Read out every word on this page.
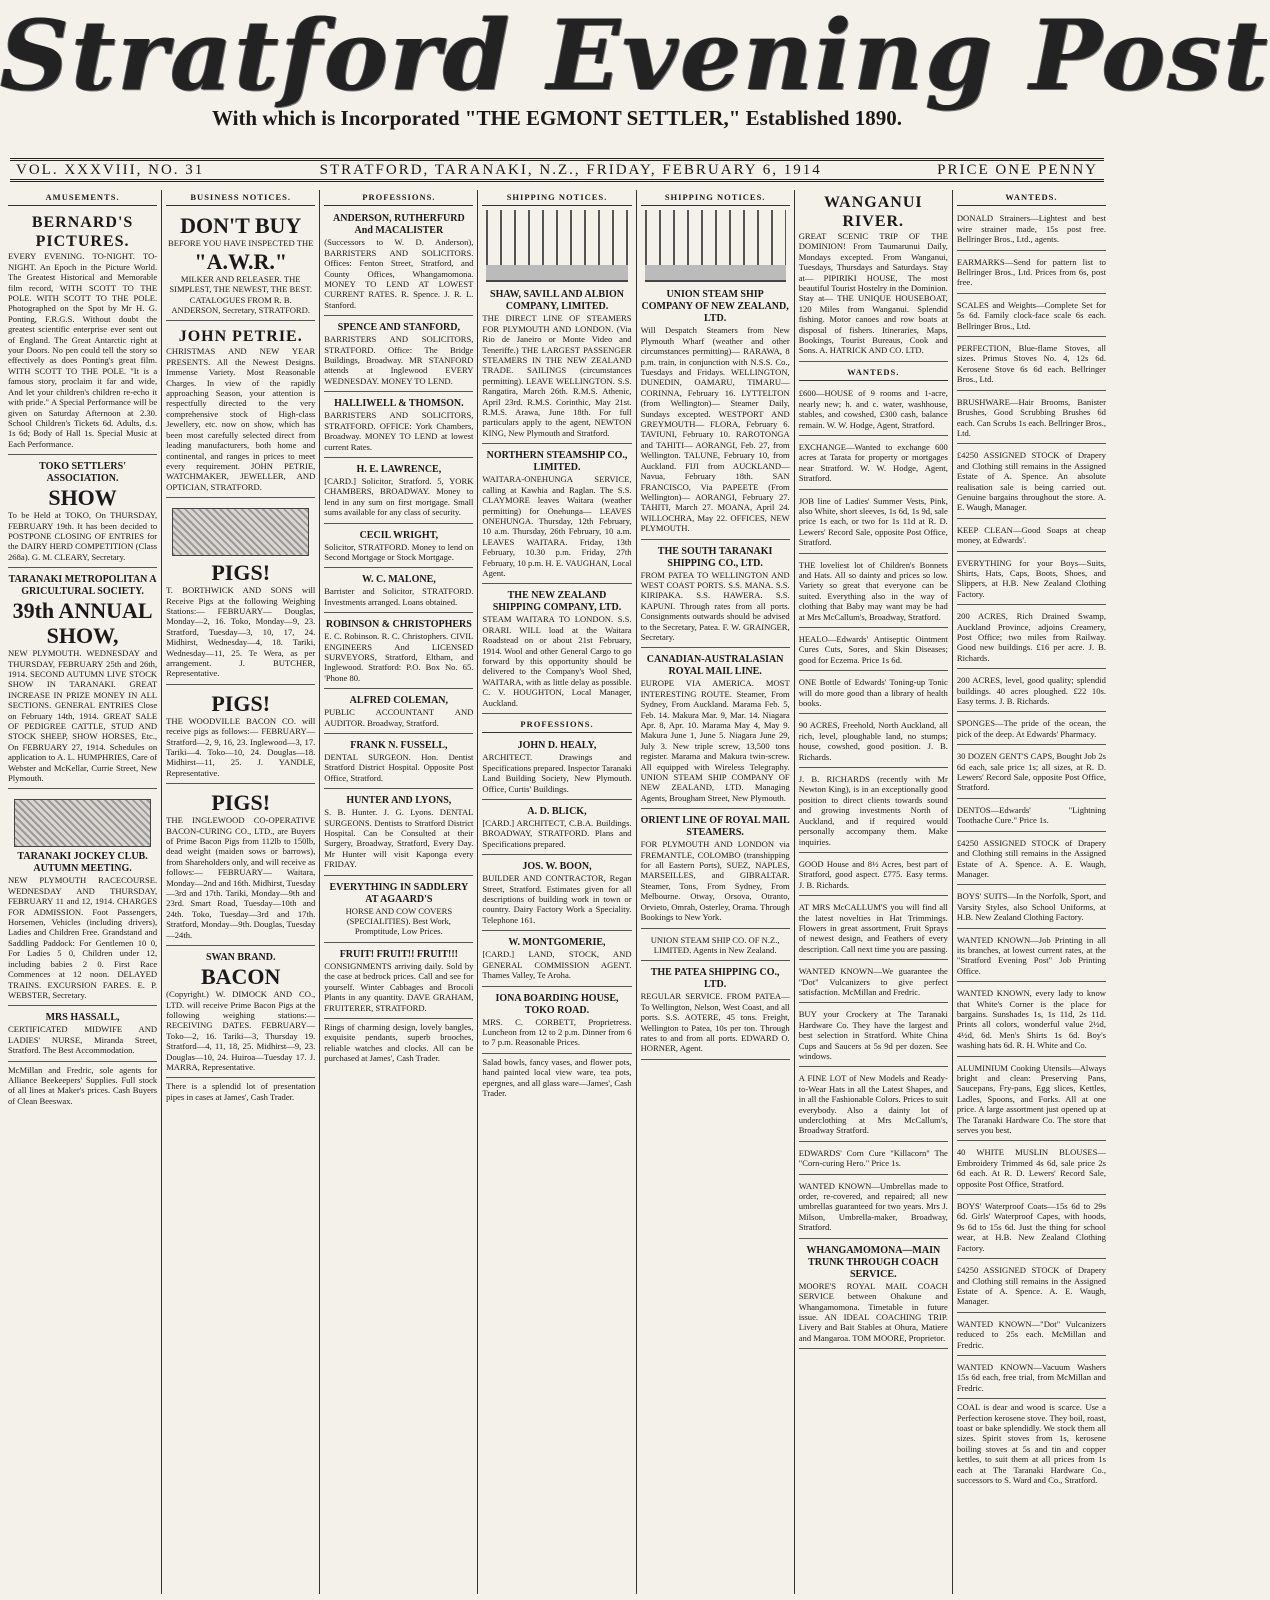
Stratford Evening Post
With which is Incorporated "THE EGMONT SETTLER," Established 1890.
VOL. XXXVIII, NO. 31	STRATFORD, TARANAKI, N.Z., FRIDAY, FEBRUARY 6, 1914	PRICE ONE PENNY
AMUSEMENTS.
BERNARD'S PICTURES.
EVERY EVENING. TO-NIGHT. TO-NIGHT. An Epoch in the Picture World. The Greatest Historical and Memorable film record, WITH SCOTT TO THE POLE. WITH SCOTT TO THE POLE. Photographed on the Spot by Mr H. G. Ponting, F.R.G.S. Without doubt the greatest scientific enterprise ever sent out of England. The Great Antarctic right at your Doors. No pen could tell the story so effectively as does Ponting's great film. WITH SCOTT TO THE POLE. "It is a famous story, proclaim it far and wide, And let your children's children re-echo it with pride." A Special Performance will be given on Saturday Afternoon at 2.30. School Children's Tickets 6d. Adults, d.s. 1s 6d; Body of Hall 1s. Special Music at Each Performance.
TOKO SETTLERS' ASSOCIATION.
SHOW
To be Held at TOKO, On THURSDAY, FEBRUARY 19th. It has been decided to POSTPONE CLOSING OF ENTRIES for the DAIRY HERD COMPETITION (Class 268a). G. M. CLEARY, Secretary.
TARANAKI METROPOLITAN A GRICULTURAL SOCIETY.
39th ANNUAL SHOW,
NEW PLYMOUTH. WEDNESDAY and THURSDAY, FEBRUARY 25th and 26th, 1914. SECOND AUTUMN LIVE STOCK SHOW IN TARANAKI. GREAT INCREASE IN PRIZE MONEY IN ALL SECTIONS. GENERAL ENTRIES Close on February 14th, 1914. GREAT SALE OF PEDIGREE CATTLE, STUD AND STOCK SHEEP, SHOW HORSES, Etc., On FEBRUARY 27, 1914. Schedules on application to A. L. HUMPHRIES, Care of Webster and McKellar, Currie Street, New Plymouth.
TARANAKI JOCKEY CLUB. AUTUMN MEETING.
NEW PLYMOUTH RACECOURSE. WEDNESDAY AND THURSDAY, FEBRUARY 11 and 12, 1914. CHARGES FOR ADMISSION. Foot Passengers, Horsemen, Vehicles (including drivers), Ladies and Children Free. Grandstand and Saddling Paddock: For Gentlemen 10 0, For Ladies 5 0, Children under 12, including babies 2 0. First Race Commences at 12 noon. DELAYED TRAINS. EXCURSION FARES. E. P. WEBSTER, Secretary.
MRS HASSALL,
CERTIFICATED MIDWIFE AND LADIES' NURSE, Miranda Street, Stratford. The Best Accommodation.
McMillan and Fredric, sole agents for Alliance Beekeepers' Supplies. Full stock of all lines at Maker's prices. Cash Buyers of Clean Beeswax.
BUSINESS NOTICES.
DON'T BUY
BEFORE YOU HAVE INSPECTED THE
"A.W.R."
MILKER AND RELEASER. THE SIMPLEST, THE NEWEST, THE BEST. CATALOGUES FROM R. B. ANDERSON, Secretary, STRATFORD.
JOHN PETRIE.
CHRISTMAS AND NEW YEAR PRESENTS. All the Newest Designs. Immense Variety. Most Reasonable Charges. In view of the rapidly approaching Season, your attention is respectfully directed to the very comprehensive stock of High-class Jewellery, etc. now on show, which has been most carefully selected direct from leading manufacturers, both home and continental, and ranges in prices to meet every requirement. JOHN PETRIE, WATCHMAKER, JEWELLER, AND OPTICIAN, STRATFORD.
PIGS!
T. BORTHWICK AND SONS will Receive Pigs at the following Weighing Stations:— FEBRUARY— Douglas, Monday—2, 16. Toko, Monday—9, 23. Stratford, Tuesday—3, 10, 17, 24. Midhirst, Wednesday—4, 18. Tariki, Wednesday—11, 25. Te Wera, as per arrangement. J. BUTCHER, Representative.
PIGS!
THE WOODVILLE BACON CO. will receive pigs as follows:— FEBRUARY— Stratford—2, 9, 16, 23. Inglewood—3, 17. Tariki—4. Toko—10, 24. Douglas—18. Midhirst—11, 25. J. YANDLE, Representative.
PIGS!
THE INGLEWOOD CO-OPERATIVE BACON-CURING CO., LTD., are Buyers of Prime Bacon Pigs from 112lb to 150lb, dead weight (maiden sows or barrows), from Shareholders only, and will receive as follows:— FEBRUARY— Waitara, Monday—2nd and 16th. Midhirst, Tuesday—3rd and 17th. Tariki, Monday—9th and 23rd. Smart Road, Tuesday—10th and 24th. Toko, Tuesday—3rd and 17th. Stratford, Monday—9th. Douglas, Tuesday—24th.
SWAN BRAND.
BACON
(Copyright.) W. DIMOCK AND CO., LTD. will receive Prime Bacon Pigs at the following weighing stations:— RECEIVING DATES. FEBRUARY— Toko—2, 16. Tariki—3, Thursday 19. Stratford—4, 11, 18, 25. Midhirst—9, 23. Douglas—10, 24. Huiroa—Tuesday 17. J. MARRA, Representative.
There is a splendid lot of presentation pipes in cases at James', Cash Trader.
PROFESSIONS.
ANDERSON, RUTHERFURD And MACALISTER
(Successors to W. D. Anderson), BARRISTERS AND SOLICITORS. Offices: Fenton Street, Stratford, and County Offices, Whangamomona. MONEY TO LEND AT LOWEST CURRENT RATES. R. Spence. J. R. L. Stanford.
SPENCE AND STANFORD,
BARRISTERS AND SOLICITORS, STRATFORD. Office: The Bridge Buildings, Broadway. MR STANFORD attends at Inglewood EVERY WEDNESDAY. MONEY TO LEND.
HALLIWELL & THOMSON.
BARRISTERS AND SOLICITORS, STRATFORD. OFFICE: York Chambers, Broadway. MONEY TO LEND at lowest current Rates.
H. E. LAWRENCE,
[CARD.] Solicitor, Stratford. 5, YORK CHAMBERS, BROADWAY. Money to lend in any sum on first mortgage. Small sums available for any class of security.
CECIL WRIGHT,
Solicitor, STRATFORD. Money to lend on Second Mortgage or Stock Mortgage.
W. C. MALONE,
Barrister and Solicitor, STRATFORD. Investments arranged. Loans obtained.
ROBINSON & CHRISTOPHERS
E. C. Robinson. R. C. Christophers. CIVIL ENGINEERS And LICENSED SURVEYORS, Stratford, Eltham, and Inglewood. Stratford: P.O. Box No. 65. 'Phone 80.
ALFRED COLEMAN,
PUBLIC ACCOUNTANT AND AUDITOR. Broadway, Stratford.
FRANK N. FUSSELL,
DENTAL SURGEON. Hon. Dentist Stratford District Hospital. Opposite Post Office, Stratford.
HUNTER AND LYONS,
S. B. Hunter. J. G. Lyons. DENTAL SURGEONS. Dentists to Stratford District Hospital. Can be Consulted at their Surgery, Broadway, Stratford, Every Day. Mr Hunter will visit Kaponga every FRIDAY.
EVERYTHING IN SADDLERY AT AGAARD'S
HORSE AND COW COVERS (SPECIALITIES). Best Work, Promptitude, Low Prices.
FRUIT! FRUIT!! FRUIT!!!
CONSIGNMENTS arriving daily. Sold by the case at bedrock prices. Call and see for yourself. Winter Cabbages and Brocoli Plants in any quantity. DAVE GRAHAM, FRUITERER, STRATFORD.
Rings of charming design, lovely bangles, exquisite pendants, superb brooches, reliable watches and clocks. All can be purchased at James', Cash Trader.
SHIPPING NOTICES.
SHAW, SAVILL AND ALBION COMPANY, LIMITED.
THE DIRECT LINE OF STEAMERS FOR PLYMOUTH AND LONDON. (Via Rio de Janeiro or Monte Video and Teneriffe.) THE LARGEST PASSENGER STEAMERS IN THE NEW ZEALAND TRADE. SAILINGS (circumstances permitting). LEAVE WELLINGTON. S.S. Rangatira, March 26th. R.M.S. Athenic, April 23rd. R.M.S. Corinthic, May 21st. R.M.S. Arawa, June 18th. For full particulars apply to the agent, NEWTON KING, New Plymouth and Stratford.
NORTHERN STEAMSHIP CO., LIMITED.
WAITARA-ONEHUNGA SERVICE, calling at Kawhia and Raglan. The S.S. CLAYMORE leaves Waitara (weather permitting) for Onehunga— LEAVES ONEHUNGA. Thursday, 12th February, 10 a.m. Thursday, 26th February, 10 a.m. LEAVES WAITARA. Friday, 13th February, 10.30 p.m. Friday, 27th February, 10 p.m. H. E. VAUGHAN, Local Agent.
THE NEW ZEALAND SHIPPING COMPANY, LTD.
STEAM WAITARA TO LONDON. S.S. ORARI. WILL load at the Waitara Roadstead on or about 21st February, 1914. Wool and other General Cargo to go forward by this opportunity should be delivered to the Company's Wool Shed, WAITARA, with as little delay as possible. C. V. HOUGHTON, Local Manager, Auckland.
PROFESSIONS.
JOHN D. HEALY,
ARCHITECT. Drawings and Specifications prepared. Inspector Taranaki Land Building Society, New Plymouth. Office, Curtis' Buildings.
A. D. BLICK,
[CARD.] ARCHITECT, C.B.A. Buildings. BROADWAY, STRATFORD. Plans and Specifications prepared.
JOS. W. BOON,
BUILDER AND CONTRACTOR, Regan Street, Stratford. Estimates given for all descriptions of building work in town or country. Dairy Factory Work a Speciality. Telephone 161.
W. MONTGOMERIE,
[CARD.] LAND, STOCK, AND GENERAL COMMISSION AGENT. Thames Valley, Te Aroha.
IONA BOARDING HOUSE, TOKO ROAD.
MRS. C. CORBETT, Proprietress. Luncheon from 12 to 2 p.m. Dinner from 6 to 7 p.m. Reasonable Prices.
Salad bowls, fancy vases, and flower pots, hand painted local view ware, tea pots, epergnes, and all glass ware—James', Cash Trader.
SHIPPING NOTICES.
UNION STEAM SHIP COMPANY OF NEW ZEALAND, LTD.
Will Despatch Steamers from New Plymouth Wharf (weather and other circumstances permitting)— RARAWA, 8 p.m. train, in conjunction with N.S.S. Co., Tuesdays and Fridays. WELLINGTON, DUNEDIN, OAMARU, TIMARU— CORINNA, February 16. LYTTELTON (from Wellington)— Steamer Daily, Sundays excepted. WESTPORT AND GREYMOUTH— FLORA, February 6. TAVIUNI, February 10. RAROTONGA and TAHITI— AORANGI, Feb. 27, from Wellington. TALUNE, February 10, from Auckland. FIJI from AUCKLAND— Navua, February 18th. SAN FRANCISCO, Via PAPEETE (From Wellington)— AORANGI, February 27. TAHITI, March 27. MOANA, April 24. WILLOCHRA, May 22. OFFICES, NEW PLYMOUTH.
THE SOUTH TARANAKI SHIPPING CO., LTD.
FROM PATEA TO WELLINGTON AND WEST COAST PORTS. S.S. MANA. S.S. KIRIPAKA. S.S. HAWERA. S.S. KAPUNI. Through rates from all ports. Consignments outwards should be advised to the Secretary, Patea. F. W. GRAINGER, Secretary.
CANADIAN-AUSTRALASIAN ROYAL MAIL LINE.
EUROPE VIA AMERICA. MOST INTERESTING ROUTE. Steamer, From Sydney, From Auckland. Marama Feb. 5, Feb. 14. Makura Mar. 9, Mar. 14. Niagara Apr. 8, Apr. 10. Marama May 4, May 9. Makura June 1, June 5. Niagara June 29, July 3. New triple screw, 13,500 tons register. Marama and Makura twin-screw. All equipped with Wireless Telegraphy. UNION STEAM SHIP COMPANY OF NEW ZEALAND, LTD. Managing Agents, Brougham Street, New Plymouth.
ORIENT LINE OF ROYAL MAIL STEAMERS.
FOR PLYMOUTH AND LONDON via FREMANTLE, COLOMBO (transhipping for all Eastern Ports), SUEZ, NAPLES, MARSEILLES, and GIBRALTAR. Steamer, Tons, From Sydney, From Melbourne. Otway, Orsova, Otranto, Orvieto, Omrah, Osterley, Orama. Through Bookings to New York.
UNION STEAM SHIP CO. OF N.Z., LIMITED. Agents in New Zealand.
THE PATEA SHIPPING CO., LTD.
REGULAR SERVICE. FROM PATEA— To Wellington, Nelson, West Coast, and all ports. S.S. AOTERE, 45 tons. Freight, Wellington to Patea, 10s per ton. Through rates to and from all ports. EDWARD O. HORNER, Agent.
WANGANUI RIVER.
GREAT SCENIC TRIP OF THE DOMINION! From Taumarunui Daily, Mondays excepted. From Wanganui, Tuesdays, Thursdays and Saturdays. Stay at— PIPIRIKI HOUSE, The most beautiful Tourist Hostelry in the Dominion. Stay at— THE UNIQUE HOUSEBOAT, 120 Miles from Wanganui. Splendid fishing. Motor canoes and row boats at disposal of fishers. Itineraries, Maps, Bookings, Tourist Bureaus, Cook and Sons. A. HATRICK AND CO. LTD.
WANTEDS.
£600—HOUSE of 9 rooms and 1-acre, nearly new; h. and c. water, washhouse, stables, and cowshed, £300 cash, balance remain. W. W. Hodge, Agent, Stratford.
EXCHANGE—Wanted to exchange 600 acres at Tarata for property or mortgages near Stratford. W. W. Hodge, Agent, Stratford.
JOB line of Ladies' Summer Vests, Pink, also White, short sleeves, 1s 6d, 1s 9d, sale price 1s each, or two for 1s 11d at R. D. Lewers' Record Sale, opposite Post Office, Stratford.
THE loveliest lot of Children's Bonnets and Hats. All so dainty and prices so low. Variety so great that everyone can be suited. Everything also in the way of clothing that Baby may want may be had at Mrs McCallum's, Broadway, Stratford.
HEALO—Edwards' Antiseptic Ointment Cures Cuts, Sores, and Skin Diseases; good for Eczema. Price 1s 6d.
ONE Bottle of Edwards' Toning-up Tonic will do more good than a library of health books.
90 ACRES, Freehold, North Auckland, all rich, level, ploughable land, no stumps; house, cowshed, good position. J. B. Richards.
J. B. RICHARDS (recently with Mr Newton King), is in an exceptionally good position to direct clients towards sound and growing investments North of Auckland, and if required would personally accompany them. Make inquiries.
GOOD House and 8½ Acres, best part of Stratford, good aspect. £775. Easy terms. J. B. Richards.
AT MRS McCALLUM'S you will find all the latest novelties in Hat Trimmings. Flowers in great assortment, Fruit Sprays of newest design, and Feathers of every description. Call next time you are passing.
WANTED KNOWN—We guarantee the "Dot" Vulcanizers to give perfect satisfaction. McMillan and Fredric.
BUY your Crockery at The Taranaki Hardware Co. They have the largest and best selection in Stratford. White China Cups and Saucers at 5s 9d per dozen. See windows.
A FINE LOT of New Models and Ready-to-Wear Hats in all the Latest Shapes, and in all the Fashionable Colors. Prices to suit everybody. Also a dainty lot of underclothing at Mrs McCallum's, Broadway Stratford.
EDWARDS' Corn Cure "Killacorn" The "Corn-curing Hero." Price 1s.
WANTED KNOWN—Umbrellas made to order, re-covered, and repaired; all new umbrellas guaranteed for two years. Mrs J. Milson, Umbrella-maker, Broadway, Stratford.
WHANGAMOMONA—MAIN TRUNK THROUGH COACH SERVICE.
MOORE'S ROYAL MAIL COACH SERVICE between Ohakune and Whangamomona. Timetable in future issue. AN IDEAL COACHING TRIP. Livery and Bait Stables at Ohura, Matiere and Mangaroa. TOM MOORE, Proprietor.
WANTEDS.
DONALD Strainers—Lightest and best wire strainer made, 15s post free. Bellringer Bros., Ltd., agents.
EARMARKS—Send for pattern list to Bellringer Bros., Ltd. Prices from 6s, post free.
SCALES and Weights—Complete Set for 5s 6d. Family clock-face scale 6s each. Bellringer Bros., Ltd.
PERFECTION, Blue-flame Stoves, all sizes. Primus Stoves No. 4, 12s 6d. Kerosene Stove 6s 6d each. Bellringer Bros., Ltd.
BRUSHWARE—Hair Brooms, Banister Brushes, Good Scrubbing Brushes 6d each. Can Scrubs 1s each. Bellringer Bros., Ltd.
£4250 ASSIGNED STOCK of Drapery and Clothing still remains in the Assigned Estate of A. Spence. An absolute realisation sale is being carried out. Genuine bargains throughout the store. A. E. Waugh, Manager.
KEEP CLEAN—Good Soaps at cheap money, at Edwards'.
EVERYTHING for your Boys—Suits, Shirts, Hats, Caps, Boots, Shoes, and Slippers, at H.B. New Zealand Clothing Factory.
200 ACRES, Rich Drained Swamp, Auckland Province, adjoins Creamery, Post Office; two miles from Railway. Good new buildings. £16 per acre. J. B. Richards.
200 ACRES, level, good quality; splendid buildings. 40 acres ploughed. £22 10s. Easy terms. J. B. Richards.
SPONGES—The pride of the ocean, the pick of the deep. At Edwards' Pharmacy.
30 DOZEN GENT'S CAPS, Bought Job 2s 6d each, sale price 1s; all sizes, at R. D. Lewers' Record Sale, opposite Post Office, Stratford.
DENTOS—Edwards' "Lightning Toothache Cure." Price 1s.
£4250 ASSIGNED STOCK of Drapery and Clothing still remains in the Assigned Estate of A. Spence. A. E. Waugh, Manager.
BOYS' SUITS—In the Norfolk, Sport, and Varsity Styles, also School Uniforms, at H.B. New Zealand Clothing Factory.
WANTED KNOWN—Job Printing in all its branches, at lowest current rates, at the "Stratford Evening Post" Job Printing Office.
WANTED KNOWN, every lady to know that White's Corner is the place for bargains. Sunshades 1s, 1s 11d, 2s 11d. Prints all colors, wonderful value 2½d, 4½d, 6d. Men's Shirts 1s 6d. Boy's washing hats 6d. R. H. White and Co.
ALUMINIUM Cooking Utensils—Always bright and clean: Preserving Pans, Saucepans, Fry-pans, Egg slices, Kettles, Ladles, Spoons, and Forks. All at one price. A large assortment just opened up at The Taranaki Hardware Co. The store that serves you best.
40 WHITE MUSLIN BLOUSES—Embroidery Trimmed 4s 6d, sale price 2s 6d each. At R. D. Lewers' Record Sale, opposite Post Office, Stratford.
BOYS' Waterproof Coats—15s 6d to 29s 6d. Girls' Waterproof Capes, with hoods, 9s 6d to 15s 6d. Just the thing for school wear, at H.B. New Zealand Clothing Factory.
£4250 ASSIGNED STOCK of Drapery and Clothing still remains in the Assigned Estate of A. Spence. A. E. Waugh, Manager.
WANTED KNOWN—"Dot" Vulcanizers reduced to 25s each. McMillan and Fredric.
WANTED KNOWN—Vacuum Washers 15s 6d each, free trial, from McMillan and Fredric.
COAL is dear and wood is scarce. Use a Perfection kerosene stove. They boil, roast, toast or bake splendidly. We stock them all sizes. Spirit stoves from 1s, kerosene boiling stoves at 5s and tin and copper kettles, to suit them at all prices from 1s each at The Taranaki Hardware Co., successors to S. Ward and Co., Stratford.
